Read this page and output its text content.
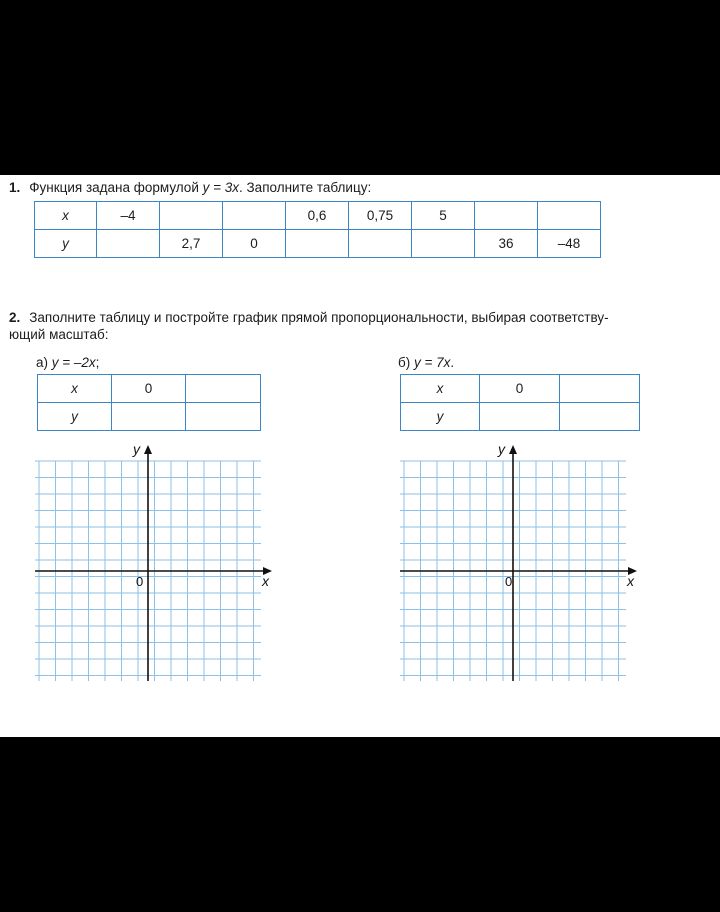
1. Функция задана формулой y = 3x. Заполните таблицу:
x	–4			0,6	0,75	5		
y		2,7	0				36	–48
2. Заполните таблицу и постройте график прямой пропорциональности, выбирая соответству-
ющий масштаб:
а) y = –2x;
x	0	
y		
x
y
0
б) y = 7x.
x	0	
y		
x
y
0
